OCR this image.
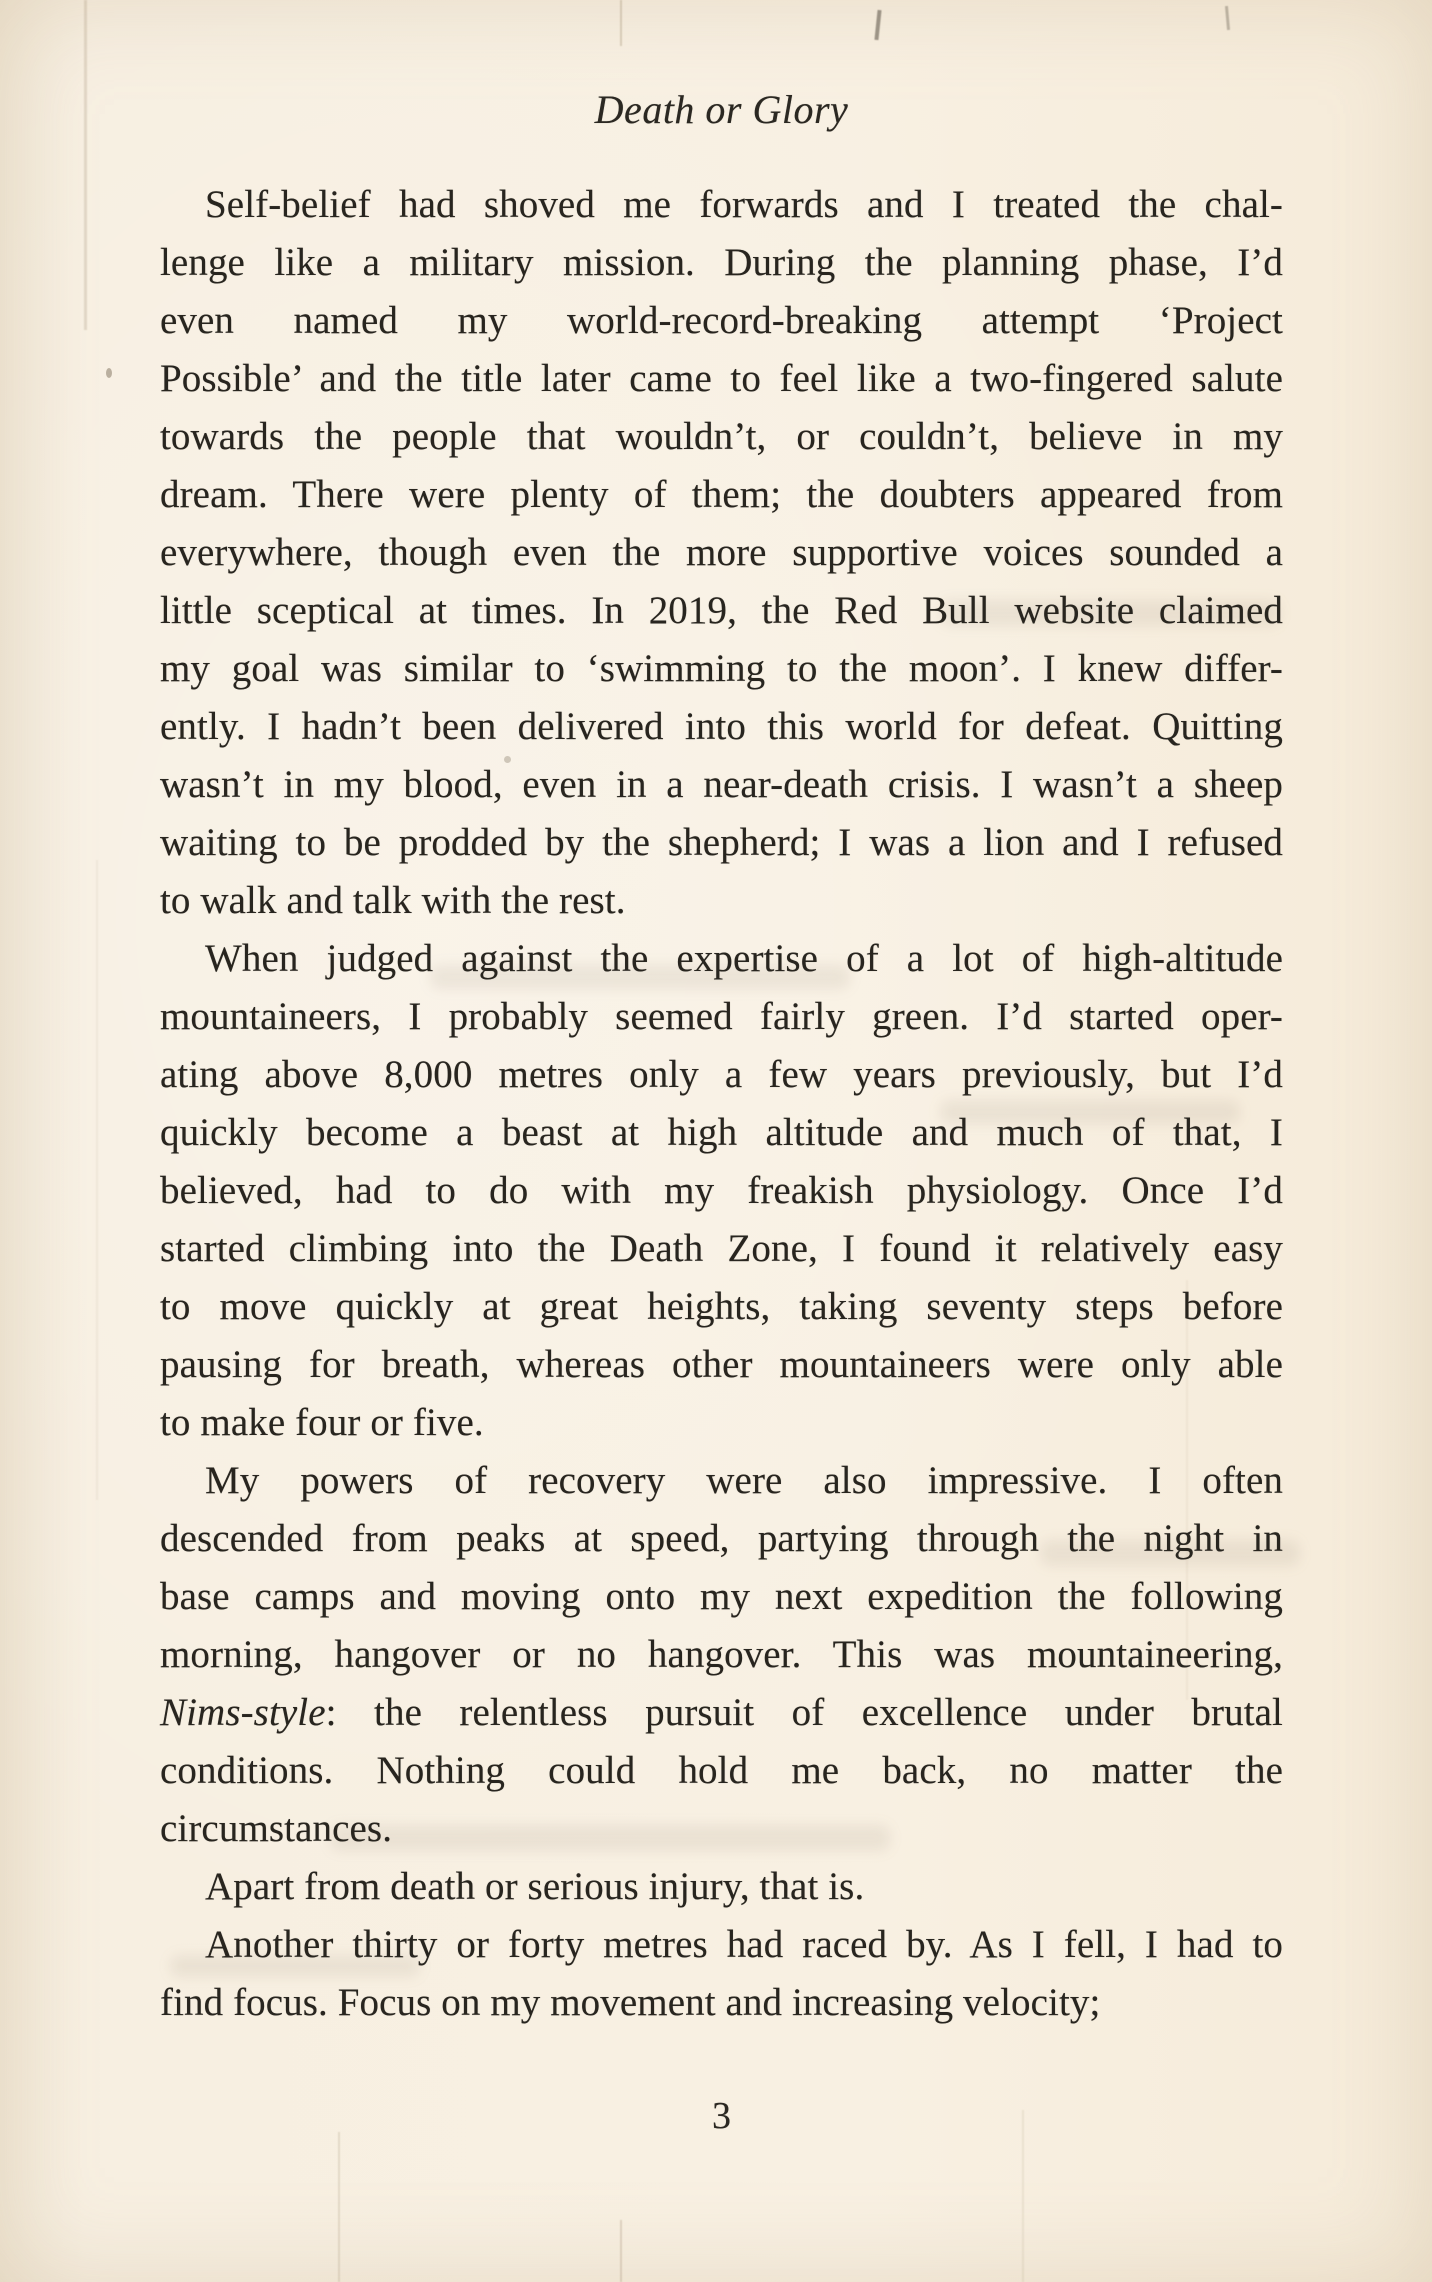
Death or Glory
Self-belief had shoved me forwards and I treated the chal-
lenge like a military mission. During the planning phase, I’d
even named my world-record-breaking attempt ‘Project
Possible’ and the title later came to feel like a two-fingered salute
towards the people that wouldn’t, or couldn’t, believe in my
dream. There were plenty of them; the doubters appeared from
everywhere, though even the more supportive voices sounded a
little sceptical at times. In 2019, the Red Bull website claimed
my goal was similar to ‘swimming to the moon’. I knew differ-
ently. I hadn’t been delivered into this world for defeat. Quitting
wasn’t in my blood, even in a near-death crisis. I wasn’t a sheep
waiting to be prodded by the shepherd; I was a lion and I refused
to walk and talk with the rest.
When judged against the expertise of a lot of high-altitude
mountaineers, I probably seemed fairly green. I’d started oper-
ating above 8,000 metres only a few years previously, but I’d
quickly become a beast at high altitude and much of that, I
believed, had to do with my freakish physiology. Once I’d
started climbing into the Death Zone, I found it relatively easy
to move quickly at great heights, taking seventy steps before
pausing for breath, whereas other mountaineers were only able
to make four or five.
My powers of recovery were also impressive. I often
descended from peaks at speed, partying through the night in
base camps and moving onto my next expedition the following
morning, hangover or no hangover. This was mountaineering,
Nims-style: the relentless pursuit of excellence under brutal
conditions. Nothing could hold me back, no matter the
circumstances.
Apart from death or serious injury, that is.
Another thirty or forty metres had raced by. As I fell, I had to
find focus. Focus on my movement and increasing velocity;
3
